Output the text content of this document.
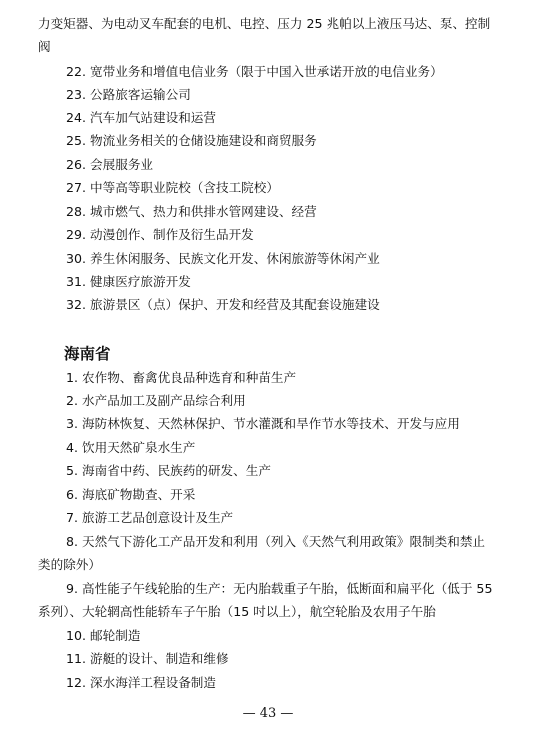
力变矩器、为电动叉车配套的电机、电控、压力 25 兆帕以上液压马达、泵、控制
阀
22. 宽带业务和增值电信业务（限于中国入世承诺开放的电信业务）
23. 公路旅客运输公司
24. 汽车加气站建设和运营
25. 物流业务相关的仓储设施建设和商贸服务
26. 会展服务业
27. 中等高等职业院校（含技工院校）
28. 城市燃气、热力和供排水管网建设、经营
29. 动漫创作、制作及衍生品开发
30. 养生休闲服务、民族文化开发、休闲旅游等休闲产业
31. 健康医疗旅游开发
32. 旅游景区（点）保护、开发和经营及其配套设施建设
海南省
1. 农作物、畜禽优良品种选育和种苗生产
2. 水产品加工及副产品综合利用
3. 海防林恢复、天然林保护、节水灌溉和旱作节水等技术、开发与应用
4. 饮用天然矿泉水生产
5. 海南省中药、民族药的研发、生产
6. 海底矿物勘查、开采
7. 旅游工艺品创意设计及生产
8. 天然气下游化工产品开发和利用（列入《天然气利用政策》限制类和禁止
类的除外）
9. 高性能子午线轮胎的生产：无内胎载重子午胎，低断面和扁平化（低于 55
系列）、大轮辋高性能轿车子午胎（15 吋以上），航空轮胎及农用子午胎
10. 邮轮制造
11. 游艇的设计、制造和维修
12. 深水海洋工程设备制造
— 43 —
